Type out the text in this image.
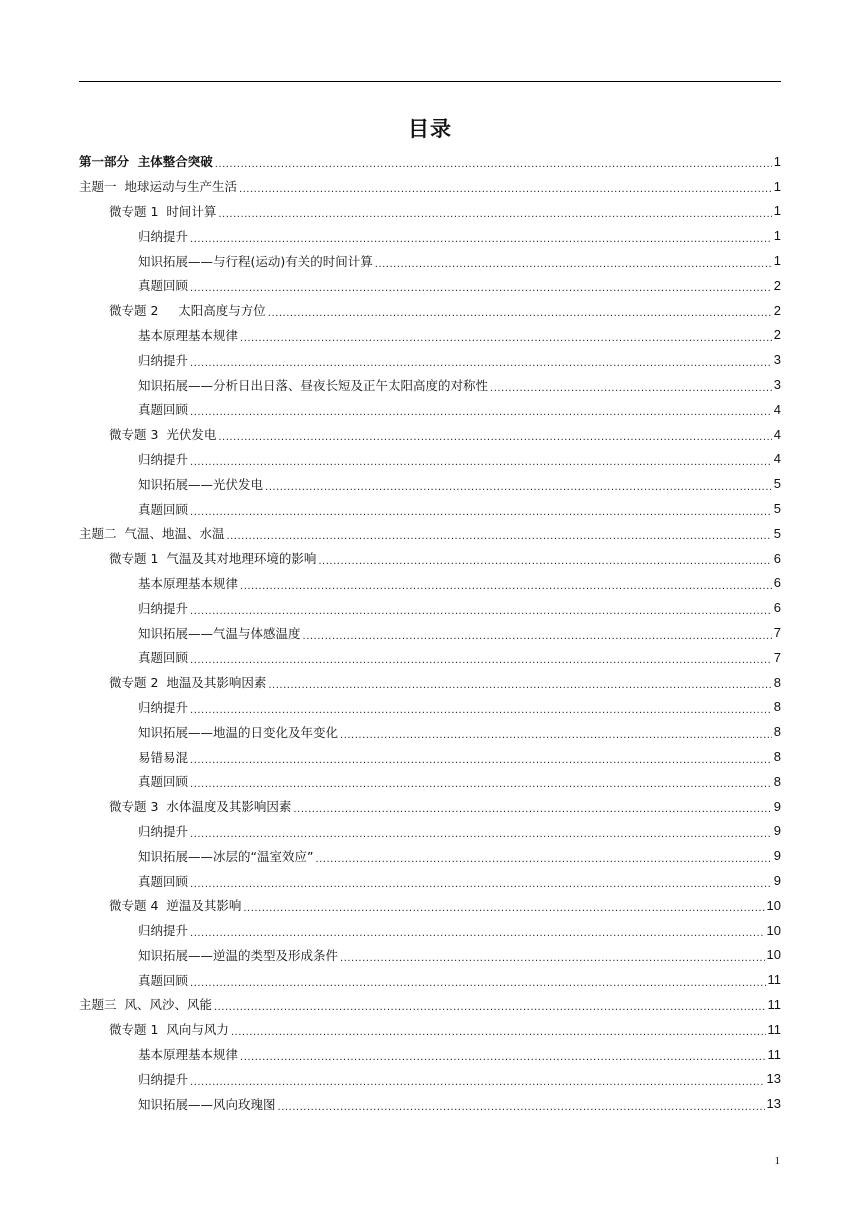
目录
第一部分  主体整合突破 .....	1
主题一  地球运动与生产生活 .....	1
微专题 1  时间计算 .....	1
归纳提升 .....	1
知识拓展——与行程(运动)有关的时间计算 .....	1
真题回顾 .....	2
微专题 2     太阳高度与方位 .....	2
基本原理基本规律 .....	2
归纳提升 .....	3
知识拓展——分析日出日落、昼夜长短及正午太阳高度的对称性 .....	3
真题回顾 .....	4
微专题 3  光伏发电 .....	4
归纳提升 .....	4
知识拓展——光伏发电 .....	5
真题回顾 .....	5
主题二  气温、地温、水温 .....	5
微专题 1  气温及其对地理环境的影响 .....	6
基本原理基本规律 .....	6
归纳提升 .....	6
知识拓展——气温与体感温度 .....	7
真题回顾 .....	7
微专题 2  地温及其影响因素 .....	8
归纳提升 .....	8
知识拓展——地温的日变化及年变化 .....	8
易错易混 .....	8
真题回顾 .....	8
微专题 3  水体温度及其影响因素 .....	9
归纳提升 .....	9
知识拓展——冰层的“温室效应” .....	9
真题回顾 .....	9
微专题 4  逆温及其影响 .....	10
归纳提升 .....	10
知识拓展——逆温的类型及形成条件 .....	10
真题回顾 .....	11
主题三  风、风沙、风能 .....	11
微专题 1  风向与风力 .....	11
基本原理基本规律 .....	11
归纳提升 .....	13
知识拓展——风向玫瑰图 .....	13
1
